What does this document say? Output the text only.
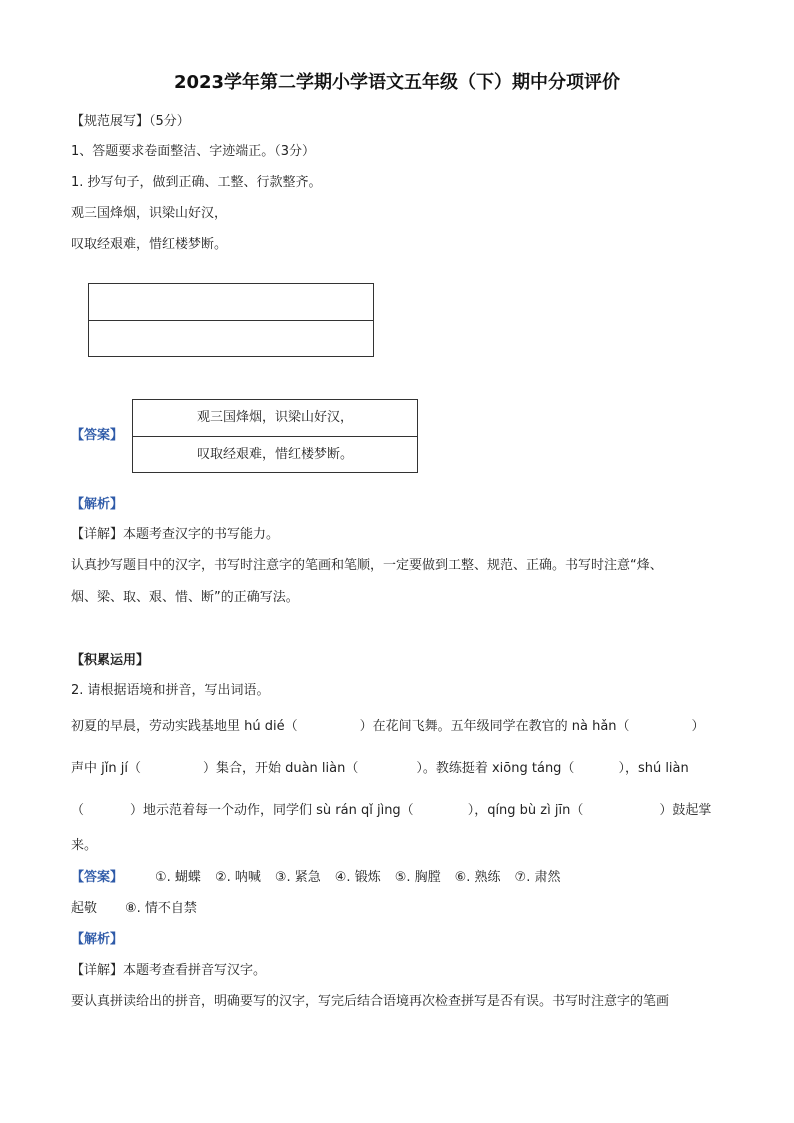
2023学年第二学期小学语文五年级（下）期中分项评价
【规范展写】（5分）
1、答题要求卷面整洁、字迹端正。（3分）
1. 抄写句子，做到正确、工整、行款整齐。
观三国烽烟，识梁山好汉，
叹取经艰难，惜红楼梦断。
【答案】
观三国烽烟，识梁山好汉，
叹取经艰难，惜红楼梦断。
【解析】
【详解】本题考查汉字的书写能力。
认真抄写题目中的汉字，书写时注意字的笔画和笔顺，一定要做到工整、规范、正确。书写时注意“烽、
烟、梁、取、艰、惜、断”的正确写法。
【积累运用】
2. 请根据语境和拼音，写出词语。
初夏的早晨，劳动实践基地里 hú dié（	）在花间飞舞。五年级同学在教官的 nà hǎn（	）
声中 jǐn jí（	）集合，开始 duàn liàn（	）。教练挺着 xiōng táng（	），shú liàn
（	）地示范着每一个动作，同学们 sù rán qǐ jìng（	），qíng bù zì jīn（	）鼓起掌
来。
【答案】 ①. 蝴蝶 ②. 呐喊 ③. 紧急 ④. 锻炼 ⑤. 胸膛 ⑥. 熟练 ⑦. 肃然
起敬 ⑧. 情不自禁
【解析】
【详解】本题考查看拼音写汉字。
要认真拼读给出的拼音，明确要写的汉字，写完后结合语境再次检查拼写是否有误。书写时注意字的笔画
